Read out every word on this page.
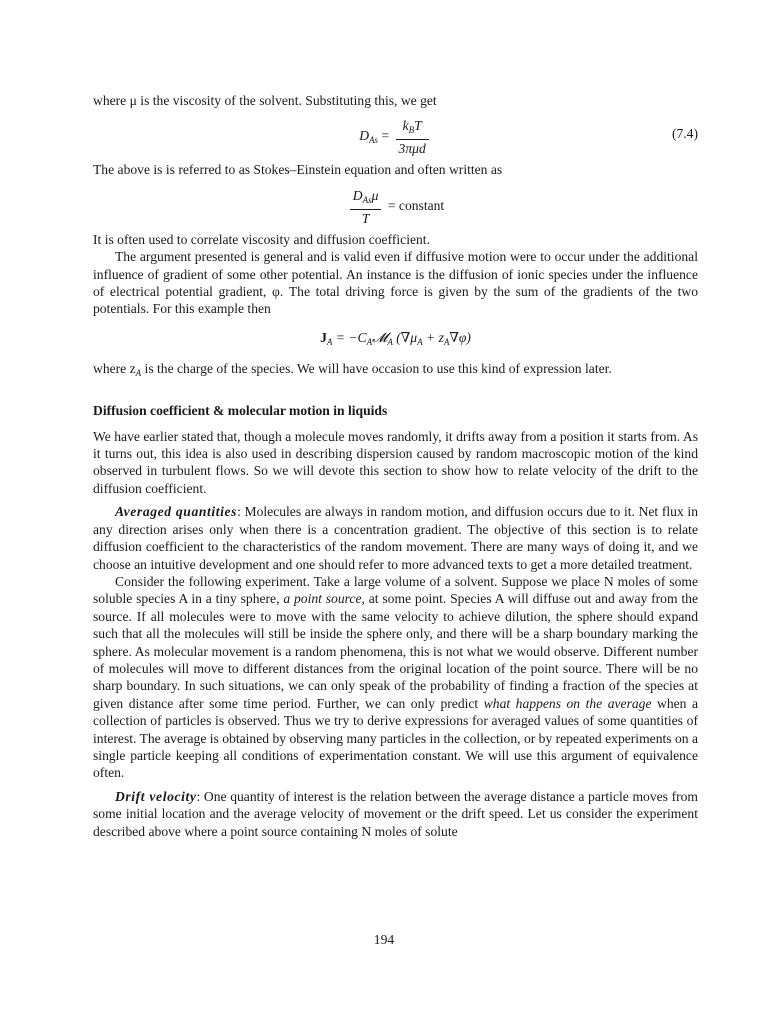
where μ is the viscosity of the solvent. Substituting this, we get

$D_{As} = \frac{k_BT}{\text{3πμd}}$	(7.4)

The above is is referred to as Stokes–Einstein equation and often written as

$\frac{D_{As}\mu}{T}$ = constant

It is often used to correlate viscosity and diffusion coefficient.

The argument presented is general and is valid even if diffusive motion were to occur under the additional influence of gradient of some other potential. An instance is the diffusion of ionic species under the influence of electrical potential gradient, φ. The total driving force is given by the sum of the gradients of the two potentials. For this example then

$J_A$ = $-C_A𝓜_A$ $(\nabla\mu_A + z_A\nabla\varphi)$

where $z_A$ is the charge of the species. We will have occasion to use this kind of expression later.

Diffusion coefficient & molecular motion in liquids

We have earlier stated that, though a molecule moves randomly, it drifts away from a position it starts from. As it turns out, this idea is also used in describing dispersion caused by random macroscopic motion of the kind observed in turbulent flows. So we will devote this section to show how to relate velocity of the drift to the diffusion coefficient.

Averaged quantities: Molecules are always in random motion, and diffusion occurs due to it. Net flux in any direction arises only when there is a concentration gradient. The objective of this section is to relate diffusion coefficient to the characteristics of the random movement. There are many ways of doing it, and we choose an intuitive development and one should refer to more advanced texts to get a more detailed treatment.

Consider the following experiment. Take a large volume of a solvent. Suppose we place N moles of some soluble species A in a tiny sphere, a point source, at some point. Species A will diffuse out and away from the source. If all molecules were to move with the same velocity to achieve dilution, the sphere should expand such that all the molecules will still be inside the sphere only, and there will be a sharp boundary marking the sphere. As molecular movement is a random phenomena, this is not what we would observe. Different number of molecules will move to different distances from the original location of the point source. There will be no sharp boundary. In such situations, we can only speak of the probability of finding a fraction of the species at given distance after some time period. Further, we can only predict what happens on the average when a collection of particles is observed. Thus we try to derive expressions for averaged values of some quantities of interest. The average is obtained by observing many particles in the collection, or by repeated experiments on a single particle keeping all conditions of experimentation constant. We will use this argument of equivalence often.

Drift velocity: One quantity of interest is the relation between the average distance a particle moves from some initial location and the average velocity of movement or the drift speed. Let us consider the experiment described above where a point source containing N moles of solute

194
